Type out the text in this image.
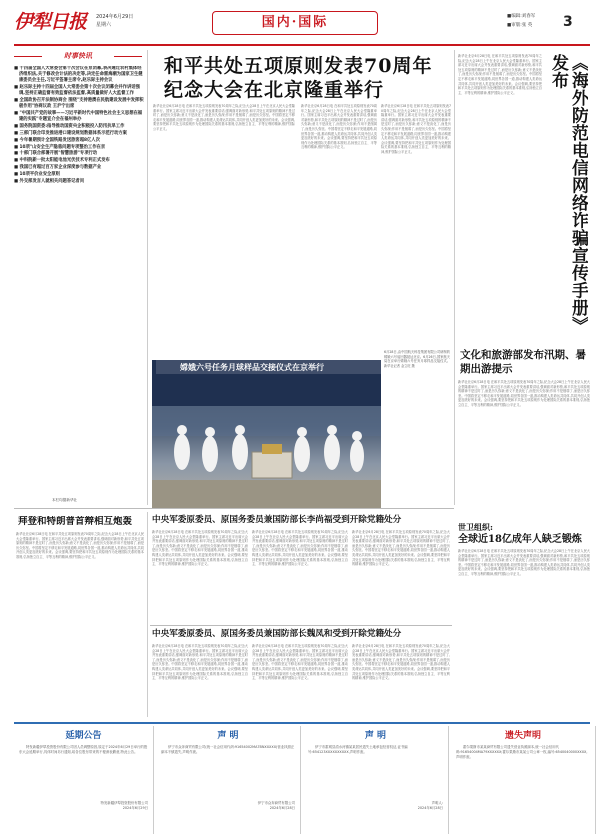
伊犁日报 2024年6月29日
星期六	国内·国际	■编辑:刘春军
■审版:张 英 3
时事快讯
■ 十四届全国人大常委会第十次会议在京闭幕,表决通过农村集体经济组织法,关于修改会计法的决定等,决定任命雷海潮为国家卫生健康委员会主任,习近平签署主席令,赵乐际主持会议
■ 赵乐际主持十四届全国人大常委会第十次会议闭幕会并作讲话强调,坚持正确监督有效监督依法监督,高质量做好人大监督工作
■ 全国政协召开法制协商会 围绕"支持港澳在民航建设发展中发挥积极作用"协商议政 王沪宁出席
■ "中国共产党的故事——习近平新时代中国特色社会主义思想在福建的实践"专题宣介会在福州举办
■ 国务院国资委:指导推动国资央企积极投入防汛抗旱工作
■ 三部门联合印发推进港口建设规划数据体系示范行动方案
■ 今年暑期预计全国铁路发送旅客超8亿人次
■ 10项"山安全生产隐患问题专项整治工作在京
■ 十部门联合部署开展"智慧旅游"专项行动
■ 中科院新一批太阳能电池光伏技术专利正式发布
■ 我国已有超过百万家企业深度参与数据产业
■ 10项平价业安全原则
■ 外交部发言人就相关问题答记者问
本栏均据新华社
和平共处五项原则发表70周年
纪念大会在北京隆重举行
新华社北京6月28日电 在和平共处五项原则发表70周年之际,纪念大会28日上午在北京人民大会堂隆重举行。国家主席习近平出席大会并发表重要讲话,强调面对新形势,和平共处五项原则的精神不是过时了,而是历久弥新;意义不是淡化了,而是历久弥深;作用不是削弱了,而是历久弥坚。中国将坚定不移走和平发展道路,同世界各国一道,推动构建人类命运共同体,共同开创人类更加美好的未来。会议强调,要坚持把和平共处五项原则作为处理国际关系的基本准则,弘扬独立自主、平等互利的精神,维护国际公平正义。
新华社北京6月28日电 在和平共处五项原则发表70周年之际,纪念大会28日上午在北京人民大会堂隆重举行。国家主席习近平出席大会并发表重要讲话,强调面对新形势,和平共处五项原则的精神不是过时了,而是历久弥新;意义不是淡化了,而是历久弥深;作用不是削弱了,而是历久弥坚。中国将坚定不移走和平发展道路,同世界各国一道,推动构建人类命运共同体,共同开创人类更加美好的未来。会议强调,要坚持把和平共处五项原则作为处理国际关系的基本准则,弘扬独立自主、平等互利的精神,维护国际公平正义。
新华社北京6月28日电 在和平共处五项原则发表70周年之际,纪念大会28日上午在北京人民大会堂隆重举行。国家主席习近平出席大会并发表重要讲话,强调面对新形势,和平共处五项原则的精神不是过时了,而是历久弥新;意义不是淡化了,而是历久弥深;作用不是削弱了,而是历久弥坚。中国将坚定不移走和平发展道路,同世界各国一道,推动构建人类命运共同体,共同开创人类更加美好的未来。会议强调,要坚持把和平共处五项原则作为处理国际关系的基本准则,弘扬独立自主、平等互利的精神,维护国际公平正义。
嫦娥六号任务月球样品交接仪式在京举行
6月28日,由中国航天科技集团有限公司研制的嫦娥六号返回器抵达北京。6月26日,国家航天局在京举行嫦娥六号任务月球样品交接仪式。新华社记者 金立旺 摄
新华社北京6月28日电 在和平共处五项原则发表70周年之际,纪念大会28日上午在北京人民大会堂隆重举行。国家主席习近平出席大会并发表重要讲话,强调面对新形势,和平共处五项原则的精神不是过时了,而是历久弥新;意义不是淡化了,而是历久弥深;作用不是削弱了,而是历久弥坚。中国将坚定不移走和平发展道路,同世界各国一道,推动构建人类命运共同体,共同开创人类更加美好的未来。会议强调,要坚持把和平共处五项原则作为处理国际关系的基本准则,弘扬独立自主、平等互利的精神,维护国际公平正义。	《海外防范电信网络诈骗宣传手册》发布
文化和旅游部发布汛期、暑期出游提示
新华社北京6月28日电 在和平共处五项原则发表70周年之际,纪念大会28日上午在北京人民大会堂隆重举行。国家主席习近平出席大会并发表重要讲话,强调面对新形势,和平共处五项原则的精神不是过时了,而是历久弥新;意义不是淡化了,而是历久弥深;作用不是削弱了,而是历久弥坚。中国将坚定不移走和平发展道路,同世界各国一道,推动构建人类命运共同体,共同开创人类更加美好的未来。会议强调,要坚持把和平共处五项原则作为处理国际关系的基本准则,弘扬独立自主、平等互利的精神,维护国际公平正义。
世卫组织:
全球近18亿成年人缺乏锻炼
新华社北京6月28日电 在和平共处五项原则发表70周年之际,纪念大会28日上午在北京人民大会堂隆重举行。国家主席习近平出席大会并发表重要讲话,强调面对新形势,和平共处五项原则的精神不是过时了,而是历久弥新;意义不是淡化了,而是历久弥深;作用不是削弱了,而是历久弥坚。中国将坚定不移走和平发展道路,同世界各国一道,推动构建人类命运共同体,共同开创人类更加美好的未来。会议强调,要坚持把和平共处五项原则作为处理国际关系的基本准则,弘扬独立自主、平等互利的精神,维护国际公平正义。
拜登和特朗普首辩相互炮轰
新华社北京6月28日电 在和平共处五项原则发表70周年之际,纪念大会28日上午在北京人民大会堂隆重举行。国家主席习近平出席大会并发表重要讲话,强调面对新形势,和平共处五项原则的精神不是过时了,而是历久弥新;意义不是淡化了,而是历久弥深;作用不是削弱了,而是历久弥坚。中国将坚定不移走和平发展道路,同世界各国一道,推动构建人类命运共同体,共同开创人类更加美好的未来。会议强调,要坚持把和平共处五项原则作为处理国际关系的基本准则,弘扬独立自主、平等互利的精神,维护国际公平正义。
中央军委原委员、原国务委员兼国防部长李尚福受到开除党籍处分
新华社北京6月28日电 在和平共处五项原则发表70周年之际,纪念大会28日上午在北京人民大会堂隆重举行。国家主席习近平出席大会并发表重要讲话,强调面对新形势,和平共处五项原则的精神不是过时了,而是历久弥新;意义不是淡化了,而是历久弥深;作用不是削弱了,而是历久弥坚。中国将坚定不移走和平发展道路,同世界各国一道,推动构建人类命运共同体,共同开创人类更加美好的未来。会议强调,要坚持把和平共处五项原则作为处理国际关系的基本准则,弘扬独立自主、平等互利的精神,维护国际公平正义。
新华社北京6月28日电 在和平共处五项原则发表70周年之际,纪念大会28日上午在北京人民大会堂隆重举行。国家主席习近平出席大会并发表重要讲话,强调面对新形势,和平共处五项原则的精神不是过时了,而是历久弥新;意义不是淡化了,而是历久弥深;作用不是削弱了,而是历久弥坚。中国将坚定不移走和平发展道路,同世界各国一道,推动构建人类命运共同体,共同开创人类更加美好的未来。会议强调,要坚持把和平共处五项原则作为处理国际关系的基本准则,弘扬独立自主、平等互利的精神,维护国际公平正义。
新华社北京6月28日电 在和平共处五项原则发表70周年之际,纪念大会28日上午在北京人民大会堂隆重举行。国家主席习近平出席大会并发表重要讲话,强调面对新形势,和平共处五项原则的精神不是过时了,而是历久弥新;意义不是淡化了,而是历久弥深;作用不是削弱了,而是历久弥坚。中国将坚定不移走和平发展道路,同世界各国一道,推动构建人类命运共同体,共同开创人类更加美好的未来。会议强调,要坚持把和平共处五项原则作为处理国际关系的基本准则,弘扬独立自主、平等互利的精神,维护国际公平正义。
中央军委原委员、原国务委员兼国防部长魏凤和受到开除党籍处分
新华社北京6月28日电 在和平共处五项原则发表70周年之际,纪念大会28日上午在北京人民大会堂隆重举行。国家主席习近平出席大会并发表重要讲话,强调面对新形势,和平共处五项原则的精神不是过时了,而是历久弥新;意义不是淡化了,而是历久弥深;作用不是削弱了,而是历久弥坚。中国将坚定不移走和平发展道路,同世界各国一道,推动构建人类命运共同体,共同开创人类更加美好的未来。会议强调,要坚持把和平共处五项原则作为处理国际关系的基本准则,弘扬独立自主、平等互利的精神,维护国际公平正义。
新华社北京6月28日电 在和平共处五项原则发表70周年之际,纪念大会28日上午在北京人民大会堂隆重举行。国家主席习近平出席大会并发表重要讲话,强调面对新形势,和平共处五项原则的精神不是过时了,而是历久弥新;意义不是淡化了,而是历久弥深;作用不是削弱了,而是历久弥坚。中国将坚定不移走和平发展道路,同世界各国一道,推动构建人类命运共同体,共同开创人类更加美好的未来。会议强调,要坚持把和平共处五项原则作为处理国际关系的基本准则,弘扬独立自主、平等互利的精神,维护国际公平正义。
新华社北京6月28日电 在和平共处五项原则发表70周年之际,纪念大会28日上午在北京人民大会堂隆重举行。国家主席习近平出席大会并发表重要讲话,强调面对新形势,和平共处五项原则的精神不是过时了,而是历久弥新;意义不是淡化了,而是历久弥深;作用不是削弱了,而是历久弥坚。中国将坚定不移走和平发展道路,同世界各国一道,推动构建人类命运共同体,共同开创人类更加美好的未来。会议强调,要坚持把和平共处五项原则作为处理国际关系的基本准则,弘扬独立自主、平等互利的精神,维护国际公平正义。
延期公告
特发新疆伊犁投资股份有限公司因人员调整原因,原定于2024年6月29日举行的股东大会延期举行,具体时间另行通知,给各位股东带来的不便深表歉意,特此公告。
特发新疆伊犁投资股份有限公司
2024年6月29日
声 明
伊宁市众奔商贸有限公司(统一社会信用代码:91654002MA7BNXXXXX)营业执照正副本不慎遗失,声明作废。
伊宁市众奔商贸有限公司
2024年6月28日
声 明
伊宁市霍城县清水河镇某某居民遗失土地承包经营权证,证书编号:654123XXXXXXXXXX,声明作废。
声明人:
2024年6月28日
遗失声明
霍尔果斯市某某商贸有限公司遗失营业执照副本,统一社会信用代码:91654004MA79XXXXXX;霍尔果斯市某某公司公章一枚,编号:6540040000XXXX,声明作废。
